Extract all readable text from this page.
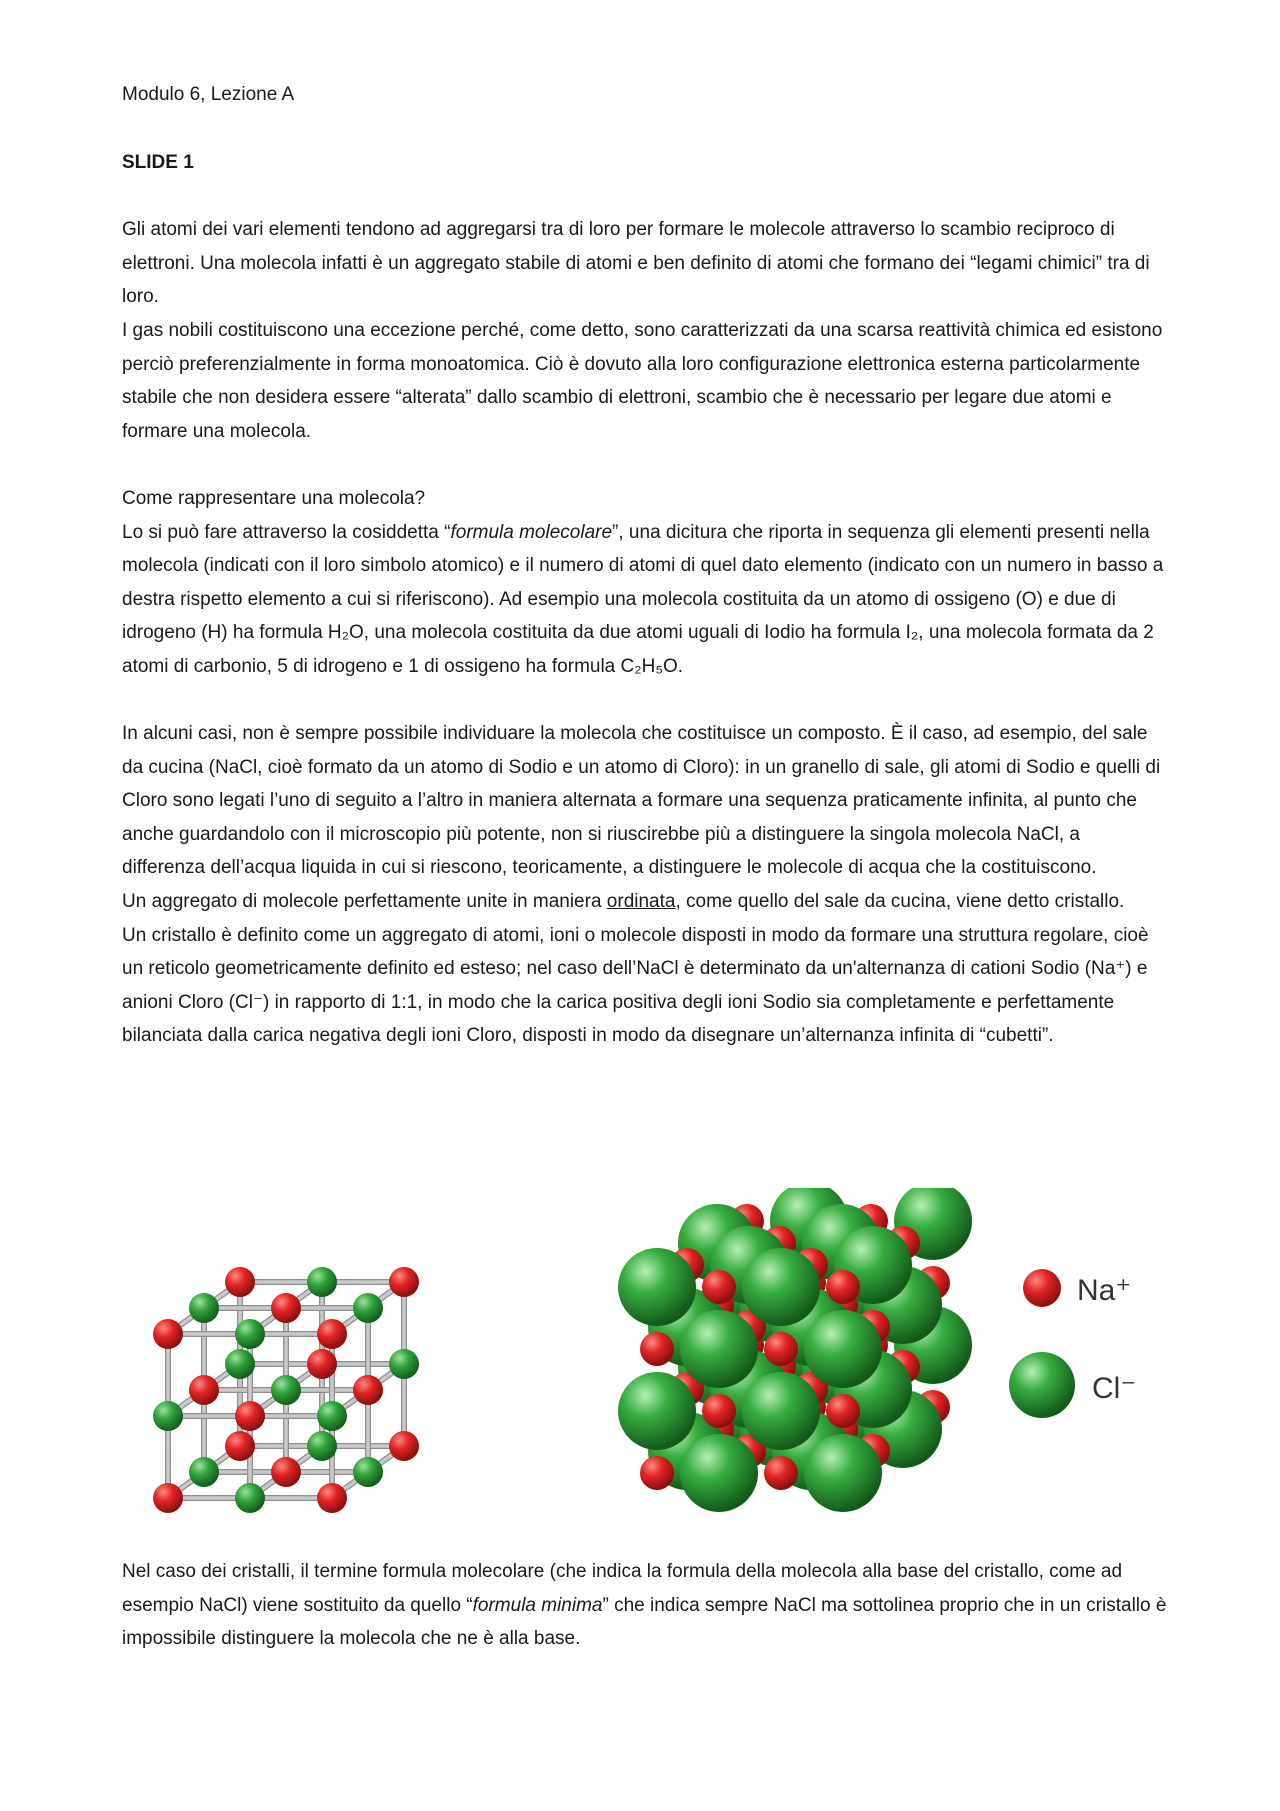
Modulo 6, Lezione A

SLIDE 1

Gli atomi dei vari elementi tendono ad aggregarsi tra di loro per formare le molecole attraverso lo scambio reciproco di elettroni. Una molecola infatti è un aggregato stabile di atomi e ben definito di atomi che formano dei “legami chimici” tra di loro.

I gas nobili costituiscono una eccezione perché, come detto, sono caratterizzati da una scarsa reattività chimica ed esistono perciò preferenzialmente in forma monoatomica. Ciò è dovuto alla loro configurazione elettronica esterna particolarmente stabile che non desidera essere “alterata” dallo scambio di elettroni, scambio che è necessario per legare due atomi e formare una molecola.

Come rappresentare una molecola?

Lo si può fare attraverso la cosiddetta “formula molecolare”, una dicitura che riporta in sequenza gli elementi presenti nella molecola (indicati con il loro simbolo atomico) e il numero di atomi di quel dato elemento (indicato con un numero in basso a destra rispetto elemento a cui si riferiscono). Ad esempio una molecola costituita da un atomo di ossigeno (O) e due di idrogeno (H) ha formula H₂O, una molecola costituita da due atomi uguali di Iodio ha formula I₂, una molecola formata da 2 atomi di carbonio, 5 di idrogeno e 1 di ossigeno ha formula C₂H₅O.

In alcuni casi, non è sempre possibile individuare la molecola che costituisce un composto. È il caso, ad esempio, del sale da cucina (NaCl, cioè formato da un atomo di Sodio e un atomo di Cloro): in un granello di sale, gli atomi di Sodio e quelli di Cloro sono legati l’uno di seguito a l’altro in maniera alternata a formare una sequenza praticamente infinita, al punto che anche guardandolo con il microscopio più potente, non si riuscirebbe più a distinguere la singola molecola NaCl, a differenza dell’acqua liquida in cui si riescono, teoricamente, a distinguere le molecole di acqua che la costituiscono.

Un aggregato di molecole perfettamente unite in maniera ordinata, come quello del sale da cucina, viene detto cristallo.

Un cristallo è definito come un aggregato di atomi, ioni o molecole disposti in modo da formare una struttura regolare, cioè un reticolo geometricamente definito ed esteso; nel caso dell’NaCl è determinato da un'alternanza di cationi Sodio (Na⁺) e anioni Cloro (Cl⁻) in rapporto di 1:1, in modo che la carica positiva degli ioni Sodio sia completamente e perfettamente bilanciata dalla carica negativa degli ioni Cloro, disposti in modo da disegnare un’alternanza infinita di “cubetti”.

Na⁺
Cl⁻

Nel caso dei cristalli, il termine formula molecolare (che indica la formula della molecola alla base del cristallo, come ad esempio NaCl) viene sostituito da quello “formula minima” che indica sempre NaCl ma sottolinea proprio che in un cristallo è impossibile distinguere la molecola che ne è alla base.
